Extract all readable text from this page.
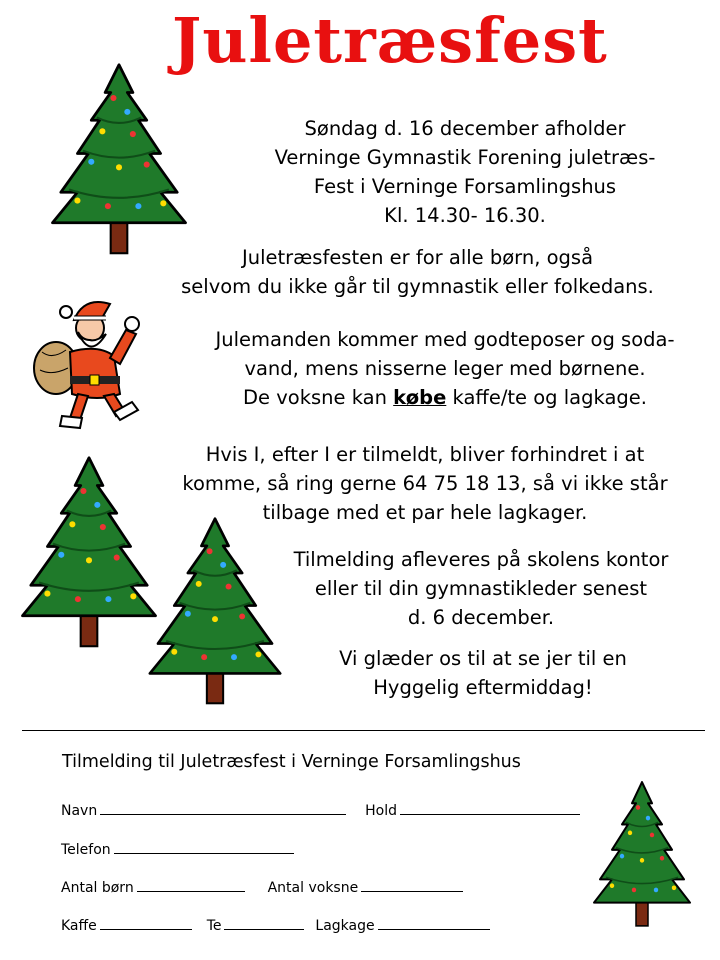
Juletræsfest
Søndag d. 16 december afholder
Verninge Gymnastik Forening juletræs-
Fest i Verninge Forsamlingshus
Kl. 14.30- 16.30.
Juletræsfesten er for alle børn, også
selvom du ikke går til gymnastik eller folkedans.
Julemanden kommer med godteposer og soda-
vand, mens nisserne leger med børnene.
De voksne kan købe kaffe/te og lagkage.
Hvis I, efter I er tilmeldt, bliver forhindret i at
komme, så ring gerne 64 75 18 13, så vi ikke står
tilbage med et par hele lagkager.
Tilmelding afleveres på skolens kontor
eller til din gymnastikleder senest
d. 6 december.
Vi glæder os til at se jer til en
Hyggelig eftermiddag!
Tilmelding til Juletræsfest i Verninge Forsamlingshus
Navn	Hold
Telefon
Antal børn	Antal voksne
Kaffe	Te	Lagkage
